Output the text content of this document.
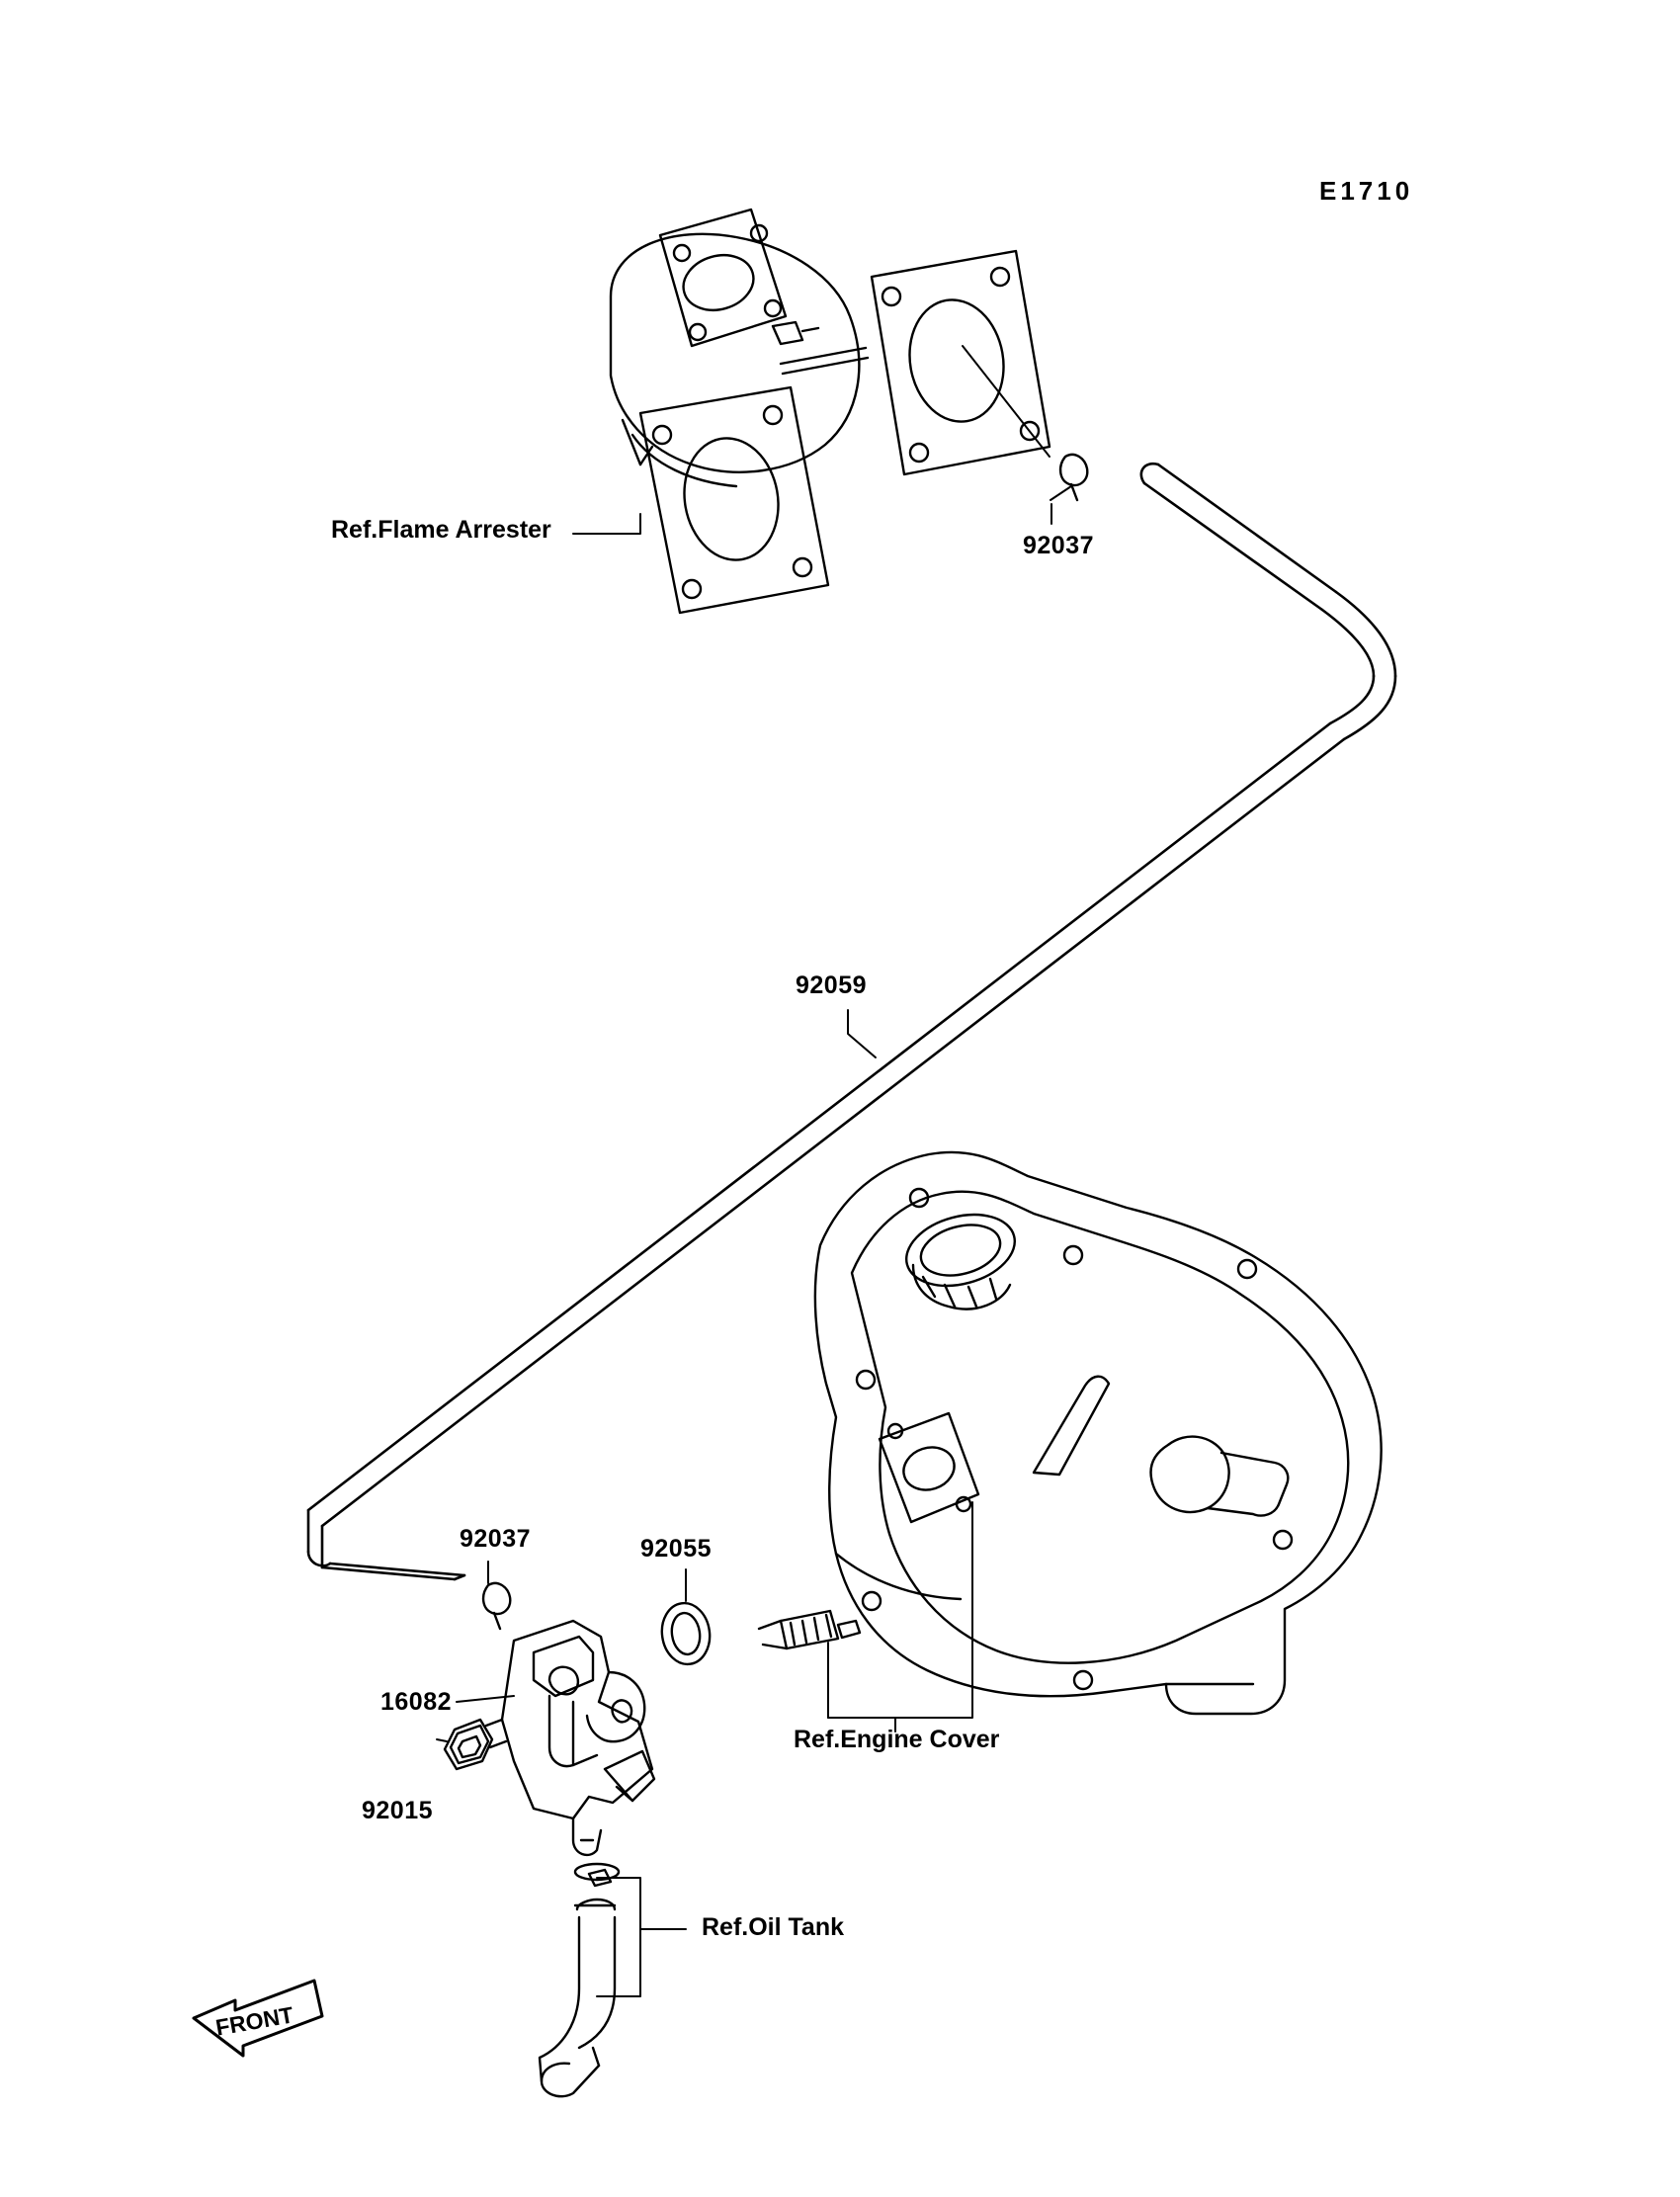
E1710
Ref.Flame Arrester
92037
92059
92037	92055
16082
Ref.Engine Cover
92015
Ref.Oil Tank
FRONT
